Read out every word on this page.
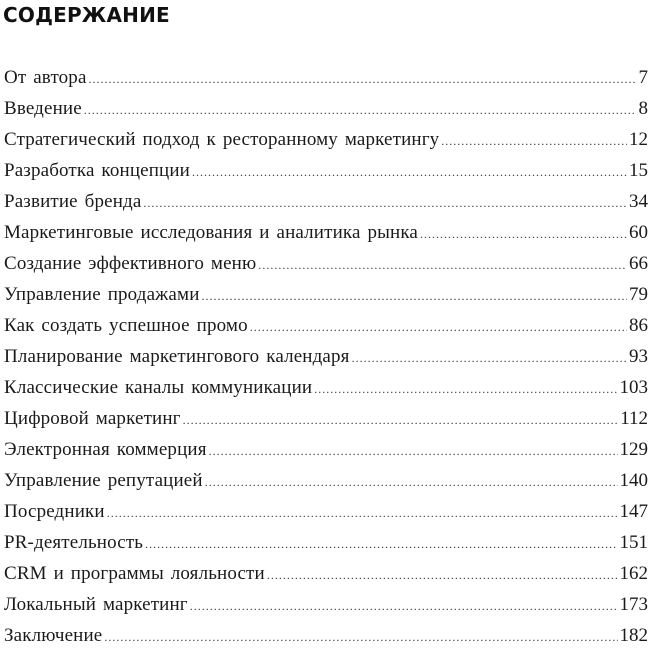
СОДЕРЖАНИЕ
От автора .....	7
Введение .....	8
Стратегический подход к ресторанному маркетингу .....	12
Разработка концепции .....	15
Развитие бренда .....	34
Маркетинговые исследования и аналитика рынка .....	60
Создание эффективного меню .....	66
Управление продажами .....	79
Как создать успешное промо .....	86
Планирование маркетингового календаря .....	93
Классические каналы коммуникации .....	103
Цифровой маркетинг .....	112
Электронная коммерция .....	129
Управление репутацией .....	140
Посредники .....	147
PR-деятельность .....	151
CRM и программы лояльности .....	162
Локальный маркетинг .....	173
Заключение .....	182
